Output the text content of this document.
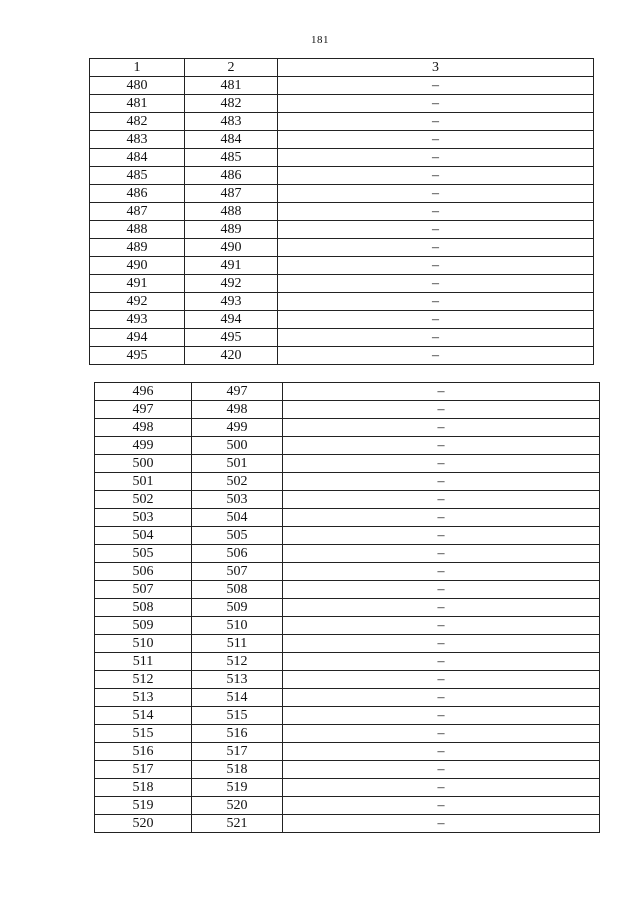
181
1	2	3
480	481	–
481	482	–
482	483	–
483	484	–
484	485	–
485	486	–
486	487	–
487	488	–
488	489	–
489	490	–
490	491	–
491	492	–
492	493	–
493	494	–
494	495	–
495	420	–
496	497	–
497	498	–
498	499	–
499	500	–
500	501	–
501	502	–
502	503	–
503	504	–
504	505	–
505	506	–
506	507	–
507	508	–
508	509	–
509	510	–
510	511	–
511	512	–
512	513	–
513	514	–
514	515	–
515	516	–
516	517	–
517	518	–
518	519	–
519	520	–
520	521	–
